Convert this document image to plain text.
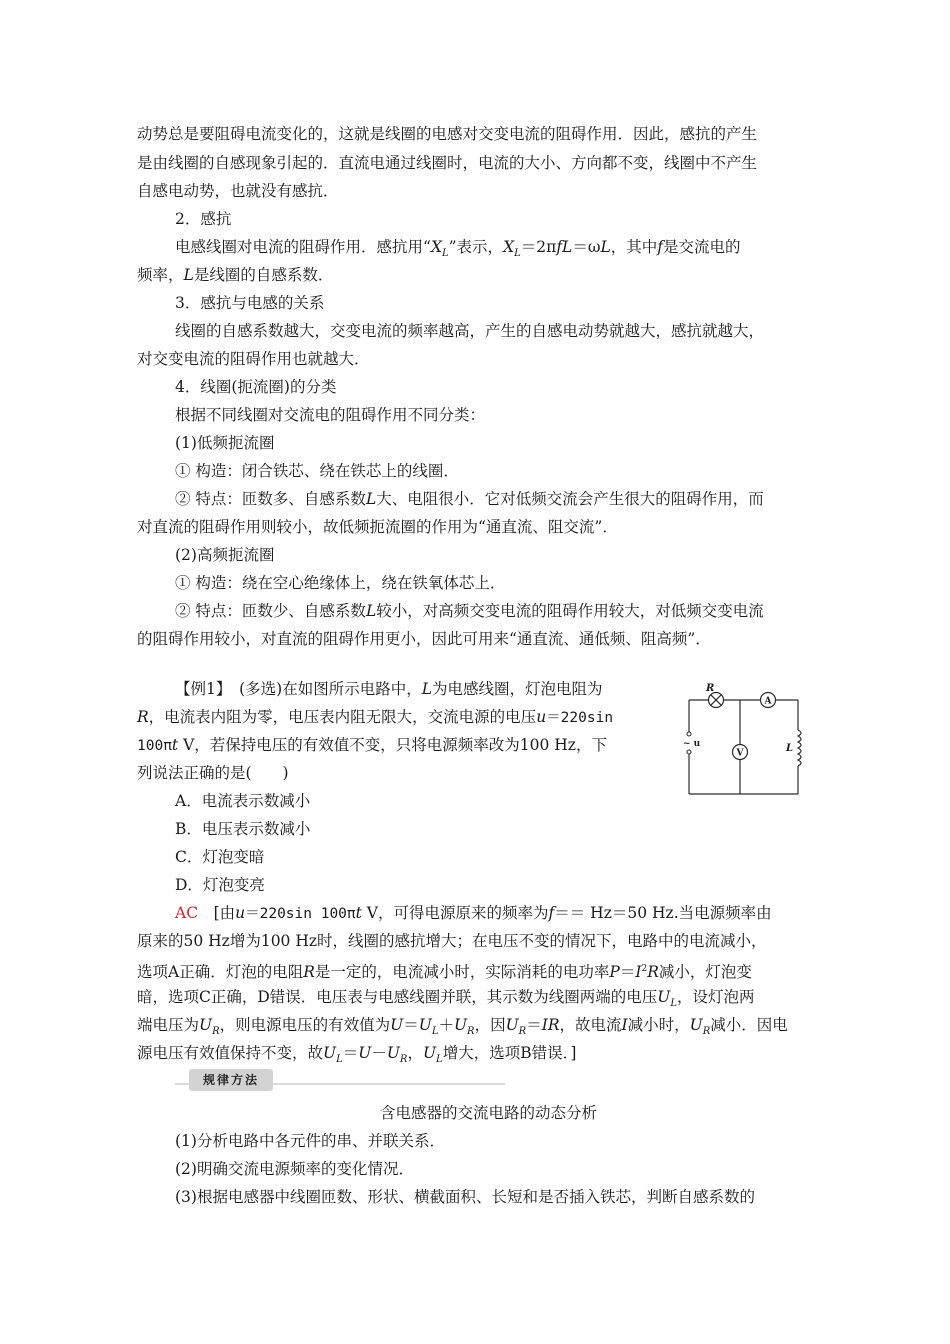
动势总是要阻碍电流变化的，这就是线圈的电感对交变电流的阻碍作用．因此，感抗的产生
是由线圈的自感现象引起的．直流电通过线圈时，电流的大小、方向都不变，线圈中不产生
自感电动势，也就没有感抗．
2．感抗
电感线圈对电流的阻碍作用．感抗用“$X_L$”表示，$X_L=2\pi fL=\omega L$，其中f是交流电的
频率，L是线圈的自感系数．
3．感抗与电感的关系
线圈的自感系数越大，交变电流的频率越高，产生的自感电动势就越大，感抗就越大，
对交变电流的阻碍作用也就越大．
4．线圈(扼流圈)的分类
根据不同线圈对交流电的阻碍作用不同分类：
(1)低频扼流圈
① 构造：闭合铁芯、绕在铁芯上的线圈．
② 特点：匝数多、自感系数L大、电阻很小．它对低频交流会产生很大的阻碍作用，而
对直流的阻碍作用则较小，故低频扼流圈的作用为“通直流、阻交流”．
(2)高频扼流圈
① 构造：绕在空心绝缘体上，绕在铁氧体芯上．
② 特点：匝数少、自感系数L较小，对高频交变电流的阻碍作用较大，对低频交变电流
的阻碍作用较小，对直流的阻碍作用更小，因此可用来“通直流、通低频、阻高频”．
【例1】　(多选)在如图所示电路中，L为电感线圈，灯泡电阻为
R，电流表内阻为零，电压表内阻无限大，交流电源的电压u＝220sin
100πt V，若保持电压的有效值不变，只将电源频率改为100 Hz，下
列说法正确的是(　　)
A．电流表示数减小
B．电压表示数减小
C．灯泡变暗
D．灯泡变亮
R
A
V	L
~ u
AC　[由u＝220sin 100πt V，可得电源原来的频率为f＝＝ Hz＝50 Hz.当电源频率由
原来的50 Hz增为100 Hz时，线圈的感抗增大；在电压不变的情况下，电路中的电流减小，
选项A正确．灯泡的电阻R是一定的，电流减小时，实际消耗的电功率$P=I^2R$减小，灯泡变
暗，选项C正确，D错误．电压表与电感线圈并联，其示数为线圈两端的电压$U_L$，设灯泡两
端电压为$U_R$，则电源电压的有效值为$U=U_L+U_R$，因$U_R=IR$，故电流I减小时，$U_R$减小．因电
源电压有效值保持不变，故$U_L=U-U_R$，$U_L$增大，选项B错误．]
规律方法
含电感器的交流电路的动态分析
(1)分析电路中各元件的串、并联关系．
(2)明确交流电源频率的变化情况．
(3)根据电感器中线圈匝数、形状、横截面积、长短和是否插入铁芯，判断自感系数的
